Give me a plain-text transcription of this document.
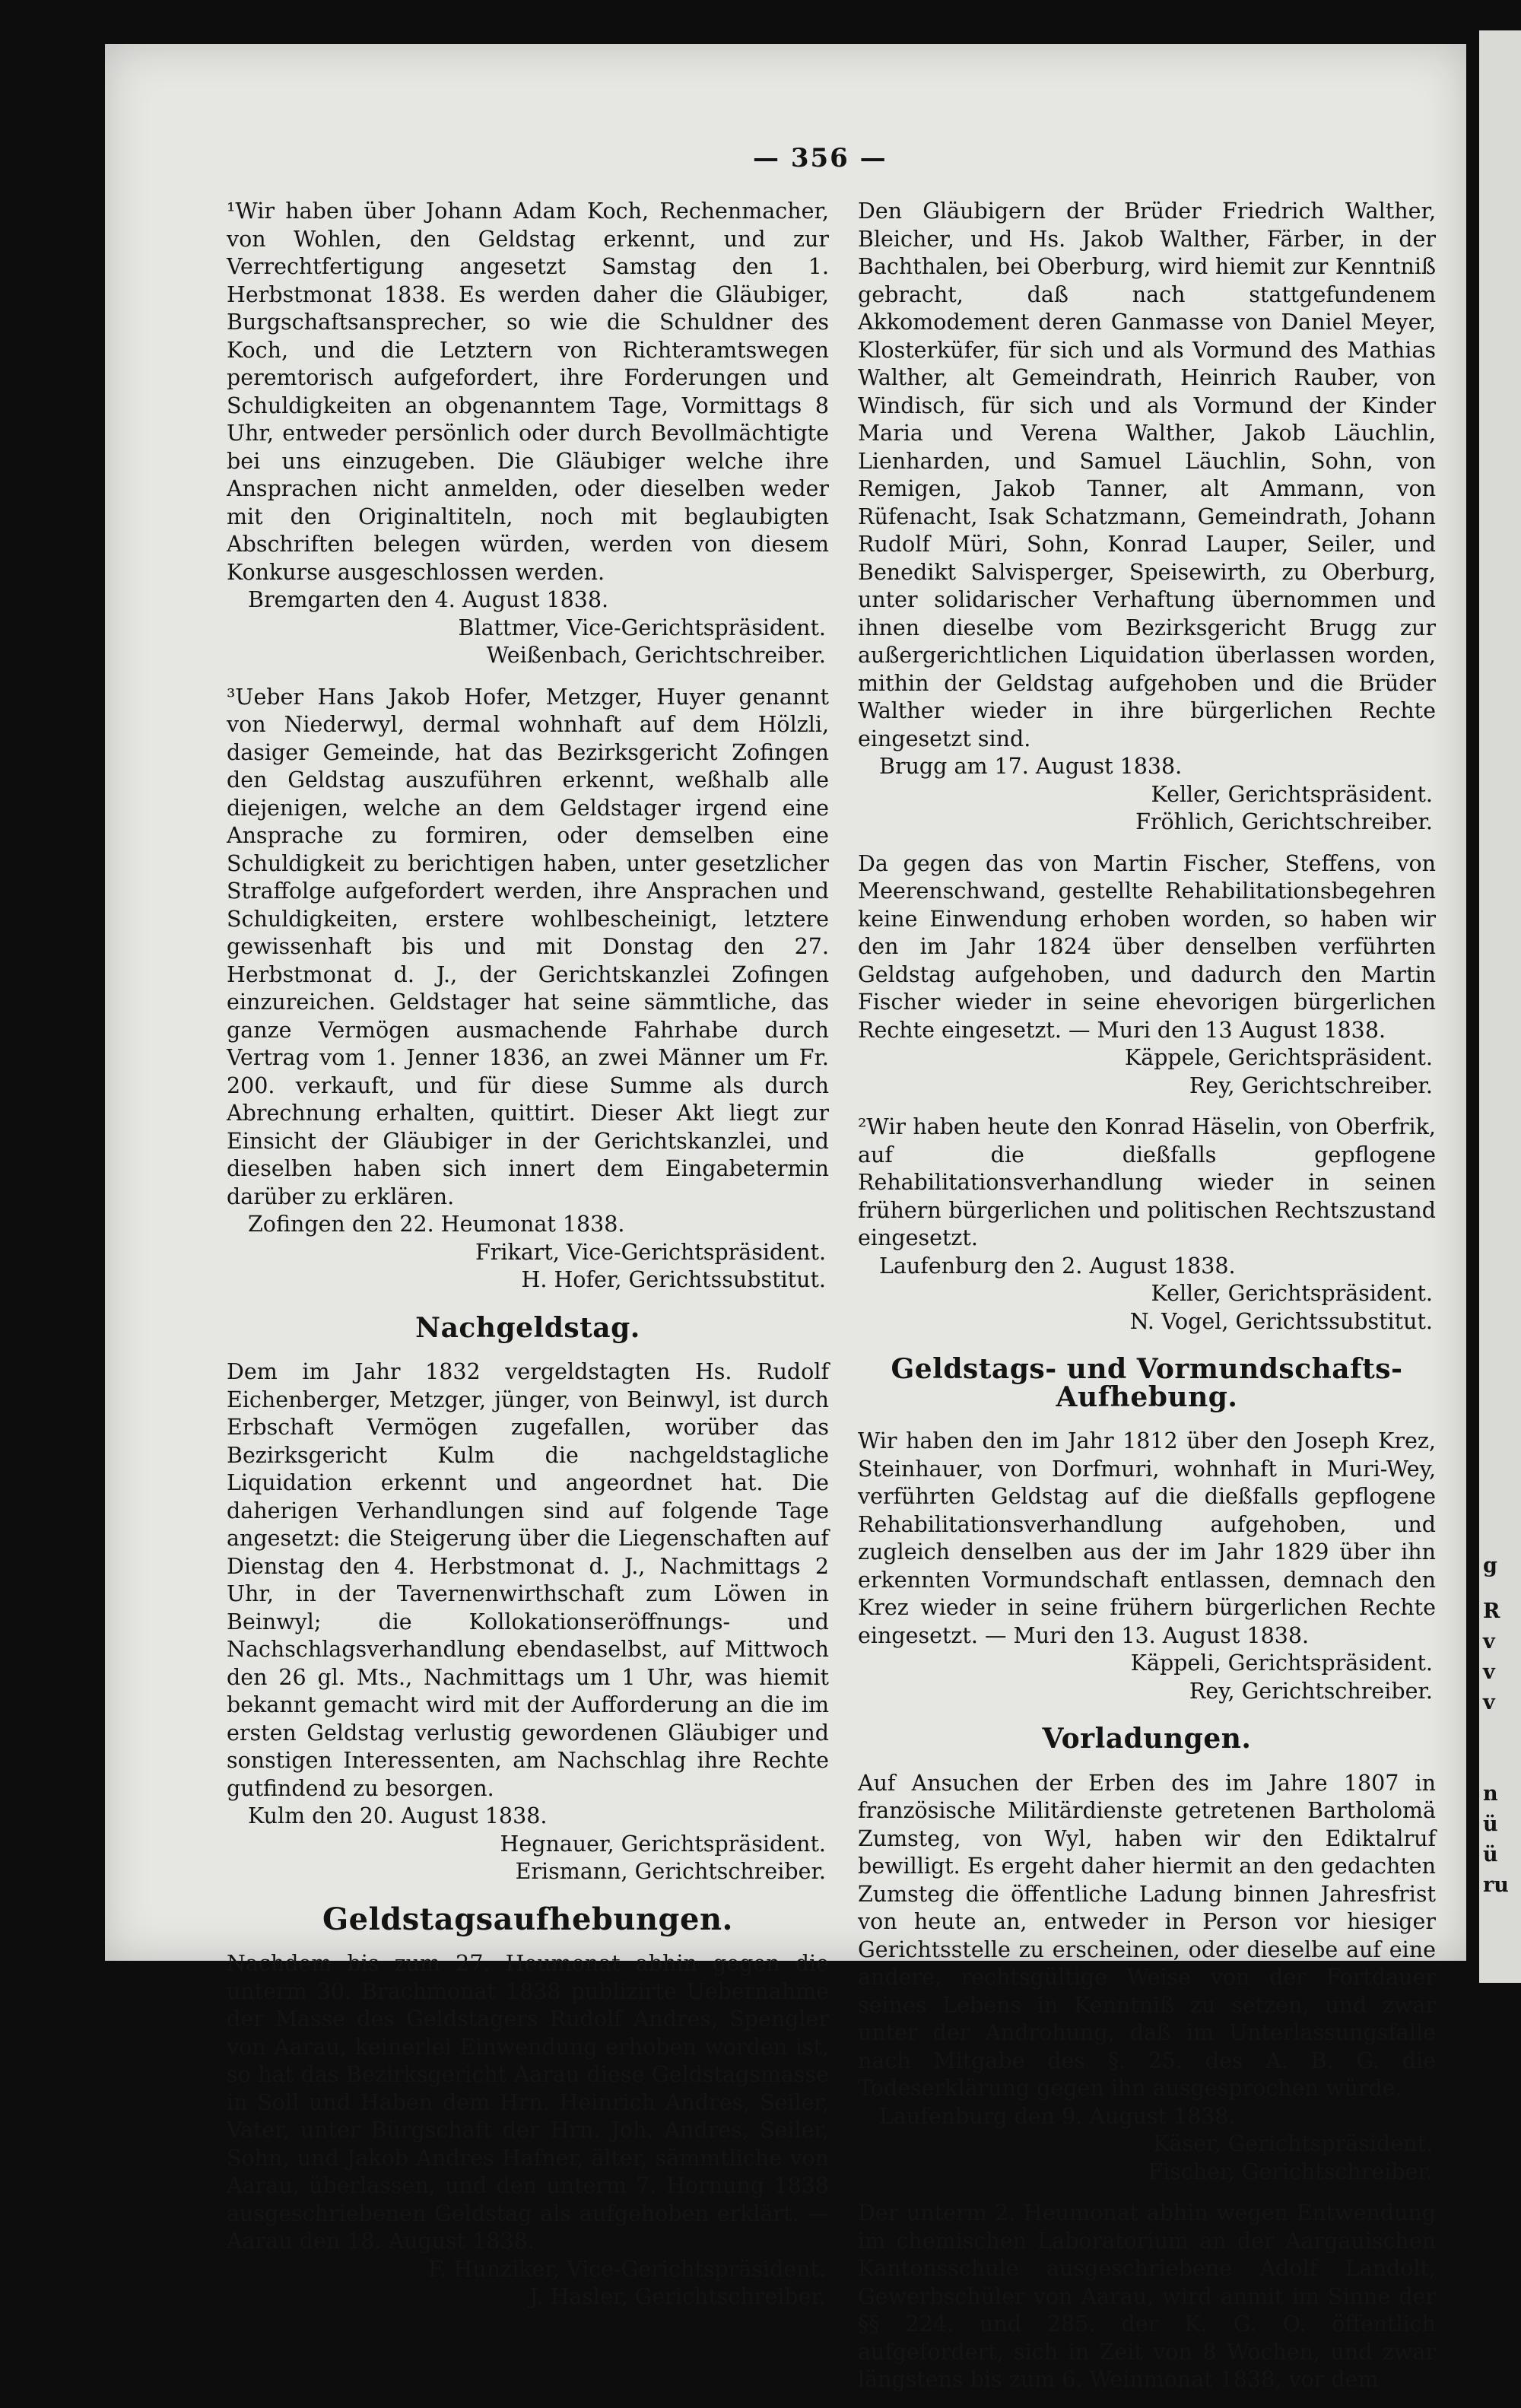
— 356 —

¹Wir haben über Johann Adam Koch, Rechenmacher, von Wohlen, den Geldstag erkennt, und zur Verrechtfertigung angesetzt Samstag den 1. Herbstmonat 1838. Es werden daher die Gläubiger, Burgschaftsansprecher, so wie die Schuldner des Koch, und die Letztern von Richteramtswegen peremtorisch aufgefordert, ihre Forderungen und Schuldigkeiten an obgenanntem Tage, Vormittags 8 Uhr, entweder persönlich oder durch Bevollmächtigte bei uns einzugeben. Die Gläubiger welche ihre Ansprachen nicht anmelden, oder dieselben weder mit den Originaltiteln, noch mit beglaubigten Abschriften belegen würden, werden von diesem Konkurse ausgeschlossen werden.

Bremgarten den 4. August 1838.

Blattmer, Vice-Gerichtspräsident.

Weißenbach, Gerichtschreiber.

³Ueber Hans Jakob Hofer, Metzger, Huyer genannt von Niederwyl, dermal wohnhaft auf dem Hölzli, dasiger Gemeinde, hat das Bezirksgericht Zofingen den Geldstag auszuführen erkennt, weßhalb alle diejenigen, welche an dem Geldstager irgend eine Ansprache zu formiren, oder demselben eine Schuldigkeit zu berichtigen haben, unter gesetzlicher Straffolge aufgefordert werden, ihre Ansprachen und Schuldigkeiten, erstere wohlbescheinigt, letztere gewissenhaft bis und mit Donstag den 27. Herbstmonat d. J., der Gerichtskanzlei Zofingen einzureichen. Geldstager hat seine sämmtliche, das ganze Vermögen ausmachende Fahrhabe durch Vertrag vom 1. Jenner 1836, an zwei Männer um Fr. 200. verkauft, und für diese Summe als durch Abrechnung erhalten, quittirt. Dieser Akt liegt zur Einsicht der Gläubiger in der Gerichtskanzlei, und dieselben haben sich innert dem Eingabetermin darüber zu erklären.

Zofingen den 22. Heumonat 1838.

Frikart, Vice-Gerichtspräsident.

H. Hofer, Gerichtssubstitut.

Nachgeldstag.

Dem im Jahr 1832 vergeldstagten Hs. Rudolf Eichenberger, Metzger, jünger, von Beinwyl, ist durch Erbschaft Vermögen zugefallen, worüber das Bezirksgericht Kulm die nachgeldstagliche Liquidation erkennt und angeordnet hat. Die daherigen Verhandlungen sind auf folgende Tage angesetzt: die Steigerung über die Liegenschaften auf Dienstag den 4. Herbstmonat d. J., Nachmittags 2 Uhr, in der Tavernenwirthschaft zum Löwen in Beinwyl; die Kollokationseröffnungs- und Nachschlagsverhandlung ebendaselbst, auf Mittwoch den 26 gl. Mts., Nachmittags um 1 Uhr, was hiemit bekannt gemacht wird mit der Aufforderung an die im ersten Geldstag verlustig gewordenen Gläubiger und sonstigen Interessenten, am Nachschlag ihre Rechte gutfindend zu besorgen.

Kulm den 20. August 1838.

Hegnauer, Gerichtspräsident.

Erismann, Gerichtschreiber.

Geldstagsaufhebungen.

Nachdem bis zum 27. Heumonat abhin gegen die unterm 30. Brachmonat 1838 publizirte Uebernahme der Masse des Geldstagers Rudolf Andres, Spengler von Aarau, keinerlei Einwendung erhoben worden ist, so hat das Bezirksgericht Aarau diese Geldstagsmasse in Soll und Haben dem Hrn. Heinrich Andres, Seiler, Vater, unter Bürgschaft der Hrn. Joh. Andres, Seiler, Sohn, und Jakob Andres Hafner, älter, sämmtliche von Aarau, überlassen, und den unterm 7. Hornung 1838 ausgeschriebenen Geldstag als aufgehoben erklärt. — Aarau den 18. August 1838.

F. Hunziker, Vice-Gerichtspräsident.

J. Hasler, Gerichtschreiber.

Den Gläubigern der Brüder Friedrich Walther, Bleicher, und Hs. Jakob Walther, Färber, in der Bachthalen, bei Oberburg, wird hiemit zur Kenntniß gebracht, daß nach stattgefundenem Akkomodement deren Ganmasse von Daniel Meyer, Klosterküfer, für sich und als Vormund des Mathias Walther, alt Gemeindrath, Heinrich Rauber, von Windisch, für sich und als Vormund der Kinder Maria und Verena Walther, Jakob Läuchlin, Lienharden, und Samuel Läuchlin, Sohn, von Remigen, Jakob Tanner, alt Ammann, von Rüfenacht, Isak Schatzmann, Gemeindrath, Johann Rudolf Müri, Sohn, Konrad Lauper, Seiler, und Benedikt Salvisperger, Speisewirth, zu Oberburg, unter solidarischer Verhaftung übernommen und ihnen dieselbe vom Bezirksgericht Brugg zur außergerichtlichen Liquidation überlassen worden, mithin der Geldstag aufgehoben und die Brüder Walther wieder in ihre bürgerlichen Rechte eingesetzt sind.

Brugg am 17. August 1838.

Keller, Gerichtspräsident.

Fröhlich, Gerichtschreiber.

Da gegen das von Martin Fischer, Steffens, von Meerenschwand, gestellte Rehabilitationsbegehren keine Einwendung erhoben worden, so haben wir den im Jahr 1824 über denselben verführten Geldstag aufgehoben, und dadurch den Martin Fischer wieder in seine ehevorigen bürgerlichen Rechte eingesetzt. — Muri den 13 August 1838.

Käppele, Gerichtspräsident.

Rey, Gerichtschreiber.

²Wir haben heute den Konrad Häselin, von Oberfrik, auf die dießfalls gepflogene Rehabilitationsverhandlung wieder in seinen frühern bürgerlichen und politischen Rechtszustand eingesetzt.

Laufenburg den 2. August 1838.

Keller, Gerichtspräsident.

N. Vogel, Gerichtssubstitut.

Geldstags- und Vormundschafts-Aufhebung.

Wir haben den im Jahr 1812 über den Joseph Krez, Steinhauer, von Dorfmuri, wohnhaft in Muri-Wey, verführten Geldstag auf die dießfalls gepflogene Rehabilitationsverhandlung aufgehoben, und zugleich denselben aus der im Jahr 1829 über ihn erkennten Vormundschaft entlassen, demnach den Krez wieder in seine frühern bürgerlichen Rechte eingesetzt. — Muri den 13. August 1838.

Käppeli, Gerichtspräsident.

Rey, Gerichtschreiber.

Vorladungen.

Auf Ansuchen der Erben des im Jahre 1807 in französische Militärdienste getretenen Bartholomä Zumsteg, von Wyl, haben wir den Ediktalruf bewilligt. Es ergeht daher hiermit an den gedachten Zumsteg die öffentliche Ladung binnen Jahresfrist von heute an, entweder in Person vor hiesiger Gerichtsstelle zu erscheinen, oder dieselbe auf eine andere, rechtsgültige Weise von der Fortdauer seines Lebens in Kenntniß zu setzen, und zwar unter der Androhung, daß im Unterlassungsfalle nach Mitgabe des §. 25. des A. B. G. die Todeserklärung gegen ihn ausgesprochen würde.

Laufenburg den 9. August 1838.

Käser, Gerichtspräsident.

Fischer, Gerichtschreiber.

Der unterm 2. Heumonat abhin wegen Entwendung im chemischen Laboratorium an der Aargauischen Kantonsschule ausgeschriebene Adolf Landolt, Gewerbschüler von Aarau, wird anmit im Sinne der §§ 224. und 285. der K. G. O. öffentlich aufgefordert, sich in Zeit von 8 Wochen, und zwar längstens bis zum 6. Weinmonat 1838, vor dem

g
R
v
v
v
n
ü
ü
ru
